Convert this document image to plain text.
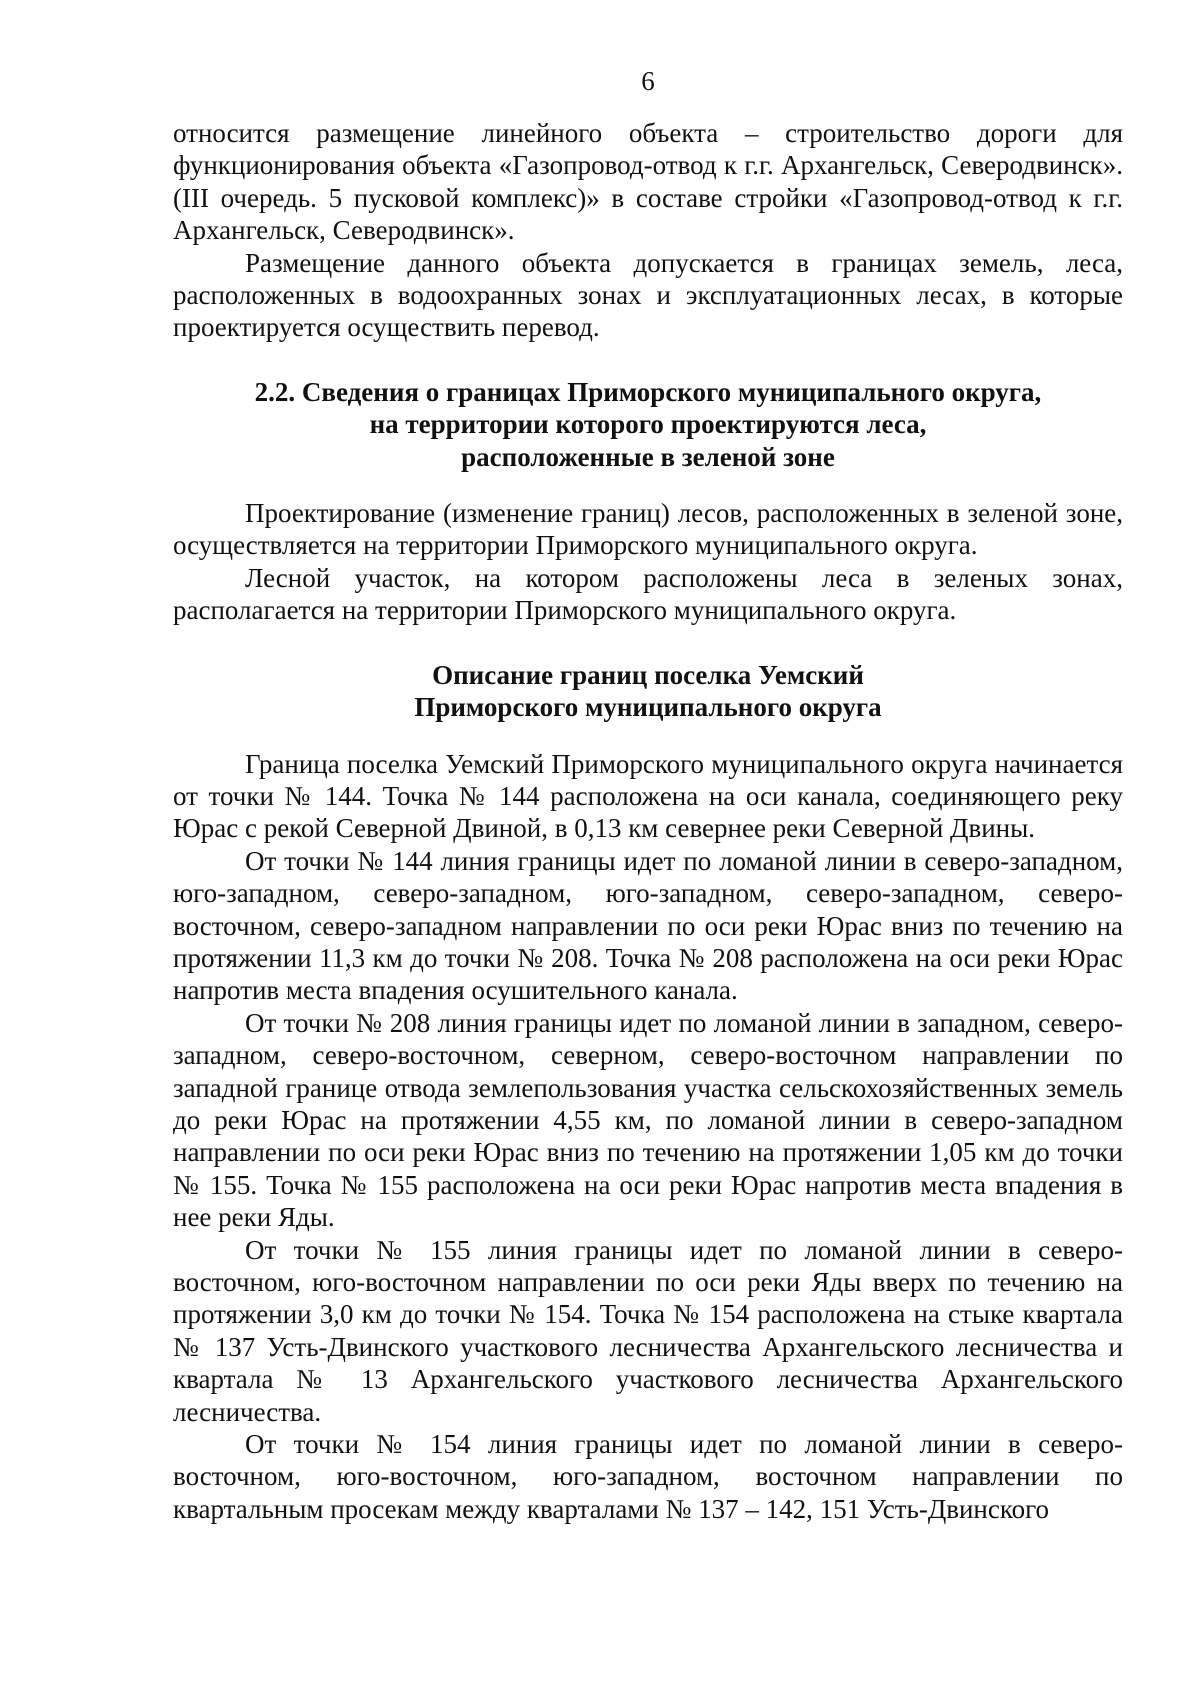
6

относится размещение линейного объекта – строительство дороги для функционирования объекта «Газопровод-отвод к г.г. Архангельск, Северодвинск». (III очередь. 5 пусковой комплекс)» в составе стройки «Газопровод-отвод к г.г. Архангельск, Северодвинск».

Размещение данного объекта допускается в границах земель, леса, расположенных в водоохранных зонах и эксплуатационных лесах, в которые проектируется осуществить перевод.

2.2. Сведения о границах Приморского муниципального округа,
на территории которого проектируются леса,
расположенные в зеленой зоне

Проектирование (изменение границ) лесов, расположенных в зеленой зоне, осуществляется на территории Приморского муниципального округа.

Лесной участок, на котором расположены леса в зеленых зонах, располагается на территории Приморского муниципального округа.

Описание границ поселка Уемский
Приморского муниципального округа

Граница поселка Уемский Приморского муниципального округа начинается от точки № 144. Точка № 144 расположена на оси канала, соединяющего реку Юрас с рекой Северной Двиной, в 0,13 км севернее реки Северной Двины.

От точки № 144 линия границы идет по ломаной линии в северо-западном, юго-западном, северо-западном, юго-западном, северо-западном, северо-восточном, северо-западном направлении по оси реки Юрас вниз по течению на протяжении 11,3 км до точки № 208. Точка № 208 расположена на оси реки Юрас напротив места впадения осушительного канала.

От точки № 208 линия границы идет по ломаной линии в западном, северо-западном, северо-восточном, северном, северо-восточном направлении по западной границе отвода землепользования участка сельскохозяйственных земель до реки Юрас на протяжении 4,55 км, по ломаной линии в северо-западном направлении по оси реки Юрас вниз по течению на протяжении 1,05 км до точки № 155. Точка № 155 расположена на оси реки Юрас напротив места впадения в нее реки Яды.

От точки № 155 линия границы идет по ломаной линии в северо-восточном, юго-восточном направлении по оси реки Яды вверх по течению на протяжении 3,0 км до точки № 154. Точка № 154 расположена на стыке квартала № 137 Усть-Двинского участкового лесничества Архангельского лесничества и квартала № 13 Архангельского участкового лесничества Архангельского лесничества.

От точки № 154 линия границы идет по ломаной линии в северо-восточном, юго-восточном, юго-западном, восточном направлении по квартальным просекам между кварталами № 137 – 142, 151 Усть-Двинского
